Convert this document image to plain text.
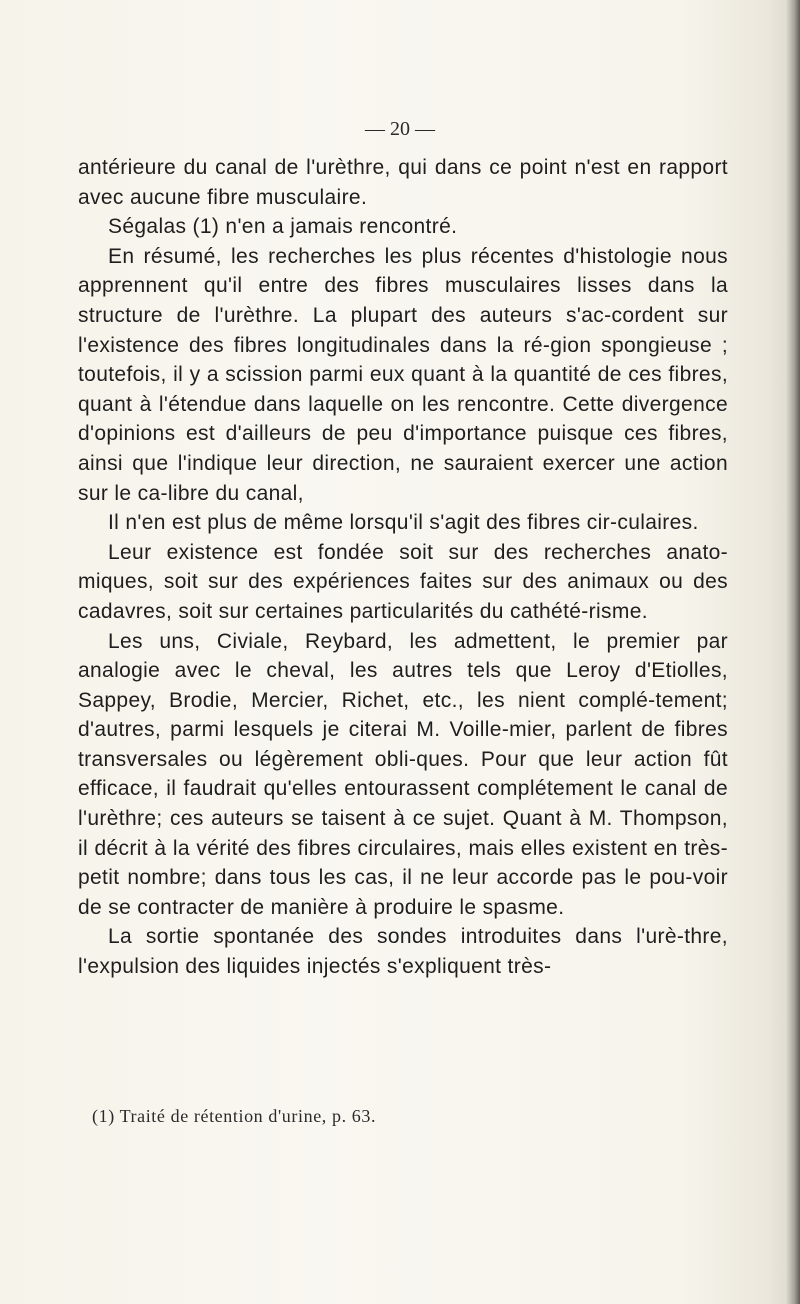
— 20 —

antérieure du canal de l'urèthre, qui dans ce point n'est en rapport avec aucune fibre musculaire.

Ségalas (1) n'en a jamais rencontré.

En résumé, les recherches les plus récentes d'histologie nous apprennent qu'il entre des fibres musculaires lisses dans la structure de l'urèthre. La plupart des auteurs s'ac-cordent sur l'existence des fibres longitudinales dans la ré-gion spongieuse ; toutefois, il y a scission parmi eux quant à la quantité de ces fibres, quant à l'étendue dans laquelle on les rencontre. Cette divergence d'opinions est d'ailleurs de peu d'importance puisque ces fibres, ainsi que l'indique leur direction, ne sauraient exercer une action sur le ca-libre du canal,

Il n'en est plus de même lorsqu'il s'agit des fibres cir-culaires.

Leur existence est fondée soit sur des recherches anato-miques, soit sur des expériences faites sur des animaux ou des cadavres, soit sur certaines particularités du cathété-risme.

Les uns, Civiale, Reybard, les admettent, le premier par analogie avec le cheval, les autres tels que Leroy d'Etiolles, Sappey, Brodie, Mercier, Richet, etc., les nient complé-tement; d'autres, parmi lesquels je citerai M. Voille-mier, parlent de fibres transversales ou légèrement obli-ques. Pour que leur action fût efficace, il faudrait qu'elles entourassent complétement le canal de l'urèthre; ces auteurs se taisent à ce sujet. Quant à M. Thompson, il décrit à la vérité des fibres circulaires, mais elles existent en très-petit nombre; dans tous les cas, il ne leur accorde pas le pou-voir de se contracter de manière à produire le spasme.

La sortie spontanée des sondes introduites dans l'urè-thre, l'expulsion des liquides injectés s'expliquent très-

(1) Traité de rétention d'urine, p. 63.
